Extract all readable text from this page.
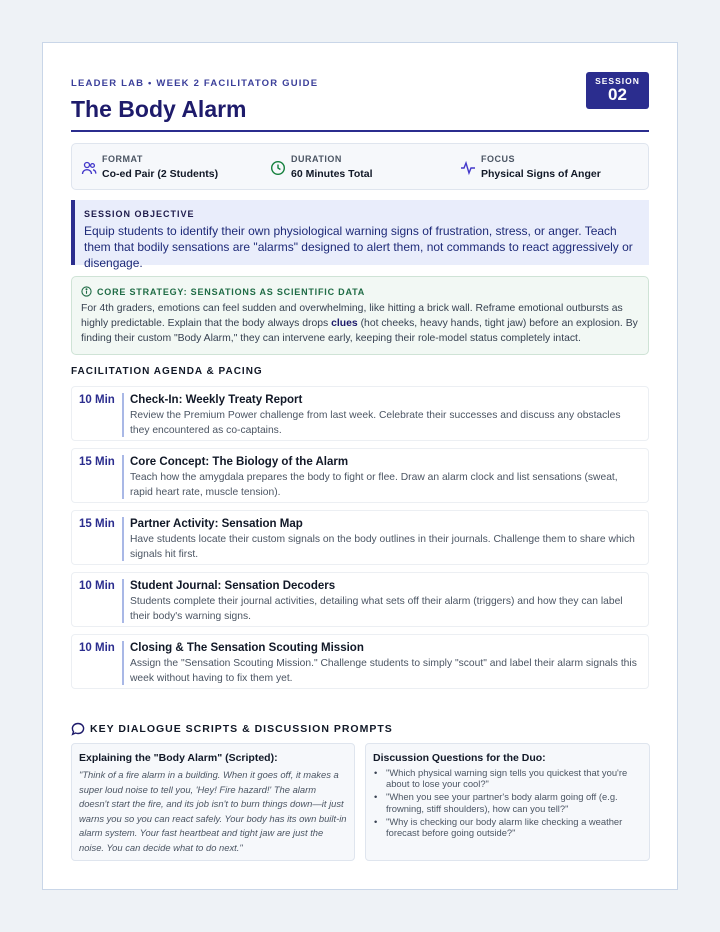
LEADER LAB • WEEK 2 FACILITATOR GUIDE
The Body Alarm
SESSION
02
FORMAT
Co-ed Pair (2 Students)
DURATION
60 Minutes Total
FOCUS
Physical Signs of Anger
SESSION OBJECTIVE
Equip students to identify their own physiological warning signs of frustration, stress, or anger. Teach them that bodily sensations are "alarms" designed to alert them, not commands to react aggressively or disengage.
CORE STRATEGY: SENSATIONS AS SCIENTIFIC DATA
For 4th graders, emotions can feel sudden and overwhelming, like hitting a brick wall. Reframe emotional outbursts as highly predictable. Explain that the body always drops clues (hot cheeks, heavy hands, tight jaw) before an explosion. By finding their custom "Body Alarm," they can intervene early, keeping their role-model status completely intact.
FACILITATION AGENDA & PACING
10 Min Check-In: Weekly Treaty Report
Review the Premium Power challenge from last week. Celebrate their successes and discuss any obstacles they encountered as co-captains.
15 Min Core Concept: The Biology of the Alarm
Teach how the amygdala prepares the body to fight or flee. Draw an alarm clock and list sensations (sweat, rapid heart rate, muscle tension).
15 Min Partner Activity: Sensation Map
Have students locate their custom signals on the body outlines in their journals. Challenge them to share which signals hit first.
10 Min Student Journal: Sensation Decoders
Students complete their journal activities, detailing what sets off their alarm (triggers) and how they can label their body's warning signs.
10 Min Closing & The Sensation Scouting Mission
Assign the "Sensation Scouting Mission." Challenge students to simply "scout" and label their alarm signals this week without having to fix them yet.
KEY DIALOGUE SCRIPTS & DISCUSSION PROMPTS
Explaining the "Body Alarm" (Scripted):
"Think of a fire alarm in a building. When it goes off, it makes a super loud noise to tell you, 'Hey! Fire hazard!' The alarm doesn't start the fire, and its job isn't to burn things down—it just warns you so you can react safely. Your body has its own built-in alarm system. Your fast heartbeat and tight jaw are just the noise. You can decide what to do next."
Discussion Questions for the Duo:
• "Which physical warning sign tells you quickest that you're about to lose your cool?"
• "When you see your partner's body alarm going off (e.g. frowning, stiff shoulders), how can you tell?"
• "Why is checking our body alarm like checking a weather forecast before going outside?"
